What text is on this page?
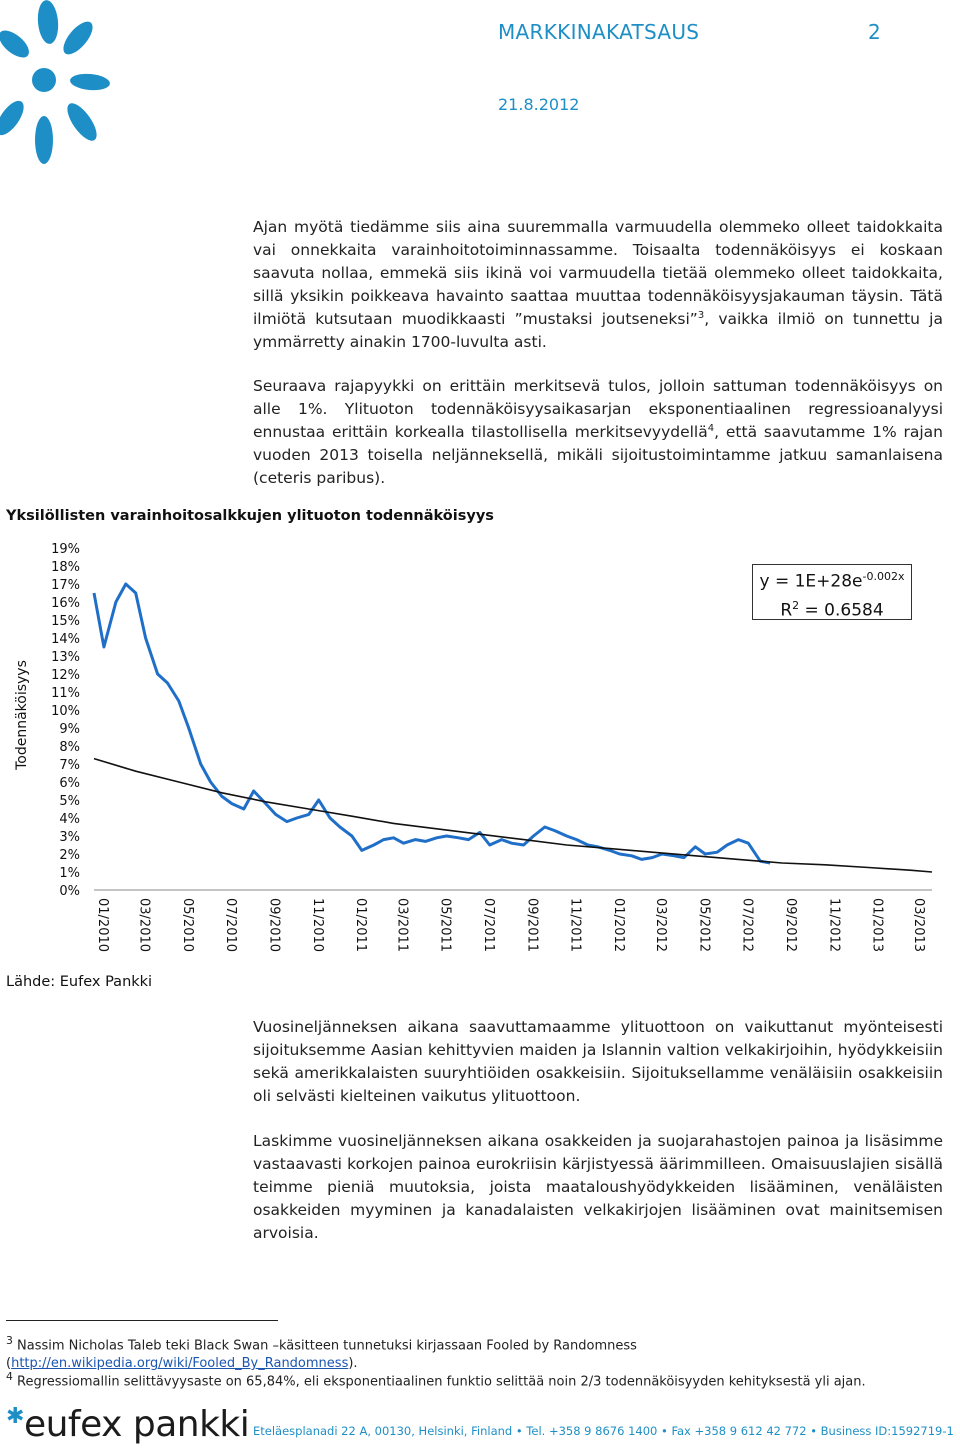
MARKKINAKATSAUS	2
21.8.2012
Ajan myötä tiedämme siis aina suuremmalla varmuudella olemmeko olleet taidokkaita vai onnekkaita varainhoitotoiminnassamme. Toisaalta todennäköisyys ei koskaan saavuta nollaa, emmekä siis ikinä voi varmuudella tietää olemmeko olleet taidokkaita, sillä yksikin poikkeava havainto saattaa muuttaa todennäköisyysjakauman täysin. Tätä ilmiötä kutsutaan muodikkaasti ”mustaksi joutseneksi”$^3$, vaikka ilmiö on tunnettu ja ymmärretty ainakin 1700-luvulta asti.
Seuraava rajapyykki on erittäin merkitsevä tulos, jolloin sattuman todennäköisyys on alle 1%. Ylituoton todennäköisyysaikasarjan eksponentiaalinen regressioanalyysi ennustaa erittäin korkealla tilastollisella merkitsevyydellä$^4$, että saavutamme 1% rajan vuoden 2013 toisella neljänneksellä, mikäli sijoitustoimintamme jatkuu samanlaisena (ceteris paribus).
Yksilöllisten varainhoitosalkkujen ylituoton todennäköisyys
Todennäköisyys
0%
1%
2%
3%
4%
5%
6%
7%
8%
9%
10%
11%
12%
13%
14%
15%
16%
17%
18%
19%
01/2010 03/2010 05/2010 07/2010 09/2010 11/2010 01/2011 03/2011 05/2011 07/2011 09/2011 11/2011 01/2012 03/2012 05/2012 07/2012 09/2012 11/2012 01/2013 03/2013
$y = 1E+28e^{-0.002x}$
$R^2 = 0.6584$
Lähde: Eufex Pankki
Vuosineljänneksen aikana saavuttamaamme ylituottoon on vaikuttanut myönteisesti sijoituksemme Aasian kehittyvien maiden ja Islannin valtion velkakirjoihin, hyödykkeisiin sekä amerikkalaisten suuryhtiöiden osakkeisiin. Sijoituksellamme venäläisiin osakkeisiin oli selvästi kielteinen vaikutus ylituottoon.
Laskimme vuosineljänneksen aikana osakkeiden ja suojarahastojen painoa ja lisäsimme vastaavasti korkojen painoa eurokriisin kärjistyessä äärimmilleen. Omaisuuslajien sisällä teimme pieniä muutoksia, joista maataloushyödykkeiden lisääminen, venäläisten osakkeiden myyminen ja kanadalaisten velkakirjojen lisääminen ovat mainitsemisen arvoisia.
$^3$ Nassim Nicholas Taleb teki Black Swan –käsitteen tunnetuksi kirjassaan Fooled by Randomness
(http://en.wikipedia.org/wiki/Fooled_By_Randomness).
$^4$ Regressiomallin selittävyysaste on 65,84%, eli eksponentiaalinen funktio selittää noin 2/3 todennäköisyyden kehityksestä yli ajan.
✱eufex pankki Eteläesplanadi 22 A, 00130, Helsinki, Finland • Tel. +358 9 8676 1400 • Fax +358 9 612 42 772 • Business ID:1592719-1
